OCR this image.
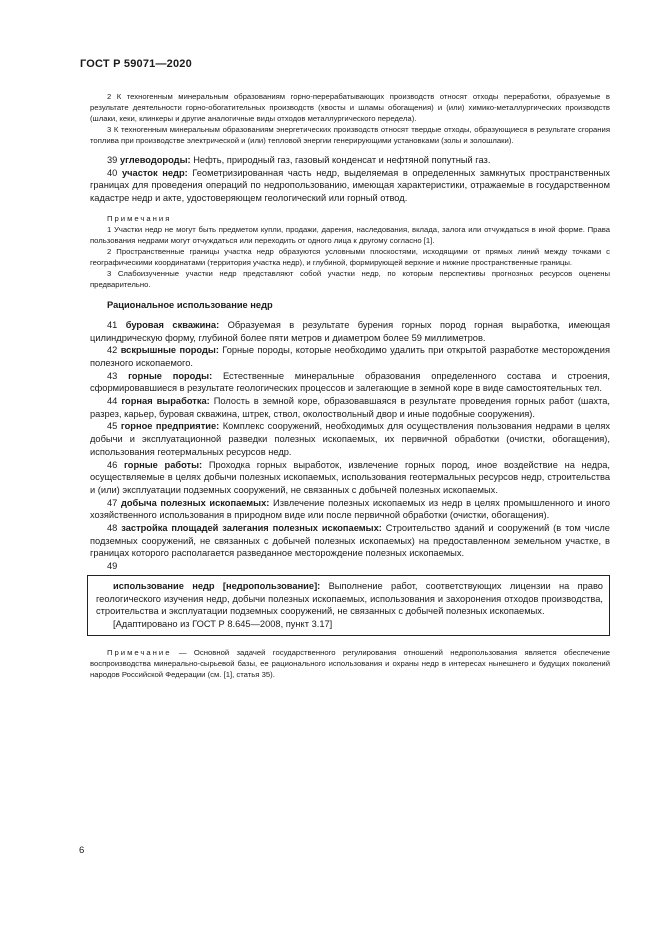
ГОСТ Р 59071—2020

2 К техногенным минеральным образованиям горно-перерабатывающих производств относят отходы переработки, образуемые в результате деятельности горно-обогатительных производств (хвосты и шламы обогащения) и (или) химико-металлургических производств (шлаки, кеки, клинкеры и другие аналогичные виды отходов металлургического передела).

3 К техногенным минеральным образованиям энергетических производств относят твердые отходы, образующиеся в результате сгорания топлива при производстве электрической и (или) тепловой энергии генерирующими установками (золы и золошлаки).

39 углеводороды: Нефть, природный газ, газовый конденсат и нефтяной попутный газ.

40 участок недр: Геометризированная часть недр, выделяемая в определенных замкнутых пространственных границах для проведения операций по недропользованию, имеющая характеристики, отражаемые в государственном кадастре недр и акте, удостоверяющем геологический или горный отвод.

Примечания

1 Участки недр не могут быть предметом купли, продажи, дарения, наследования, вклада, залога или отчуждаться в иной форме. Права пользования недрами могут отчуждаться или переходить от одного лица к другому согласно [1].

2 Пространственные границы участка недр образуются условными плоскостями, исходящими от прямых линий между точками с географическими координатами (территория участка недр), и глубиной, формирующей верхние и нижние пространственные границы.

3 Слабоизученные участки недр представляют собой участки недр, по которым перспективы прогнозных ресурсов оценены предварительно.

Рациональное использование недр

41 буровая скважина: Образуемая в результате бурения горных пород горная выработка, имеющая цилиндрическую форму, глубиной более пяти метров и диаметром более 59 миллиметров.

42 вскрышные породы: Горные породы, которые необходимо удалить при открытой разработке месторождения полезного ископаемого.

43 горные породы: Естественные минеральные образования определенного состава и строения, сформировавшиеся в результате геологических процессов и залегающие в земной коре в виде самостоятельных тел.

44 горная выработка: Полость в земной коре, образовавшаяся в результате проведения горных работ (шахта, разрез, карьер, буровая скважина, штрек, ствол, околоствольный двор и иные подобные сооружения).

45 горное предприятие: Комплекс сооружений, необходимых для осуществления пользования недрами в целях добычи и эксплуатационной разведки полезных ископаемых, их первичной обработки (очистки, обогащения), использования геотермальных ресурсов недр.

46 горные работы: Проходка горных выработок, извлечение горных пород, иное воздействие на недра, осуществляемые в целях добычи полезных ископаемых, использования геотермальных ресурсов недр, строительства и (или) эксплуатации подземных сооружений, не связанных с добычей полезных ископаемых.

47 добыча полезных ископаемых: Извлечение полезных ископаемых из недр в целях промышленного и иного хозяйственного использования в природном виде или после первичной обработки (очистки, обогащения).

48 застройка площадей залегания полезных ископаемых: Строительство зданий и сооружений (в том числе подземных сооружений, не связанных с добычей полезных ископаемых) на предоставленном земельном участке, в границах которого располагается разведанное месторождение полезных ископаемых.

49

использование недр [недропользование]: Выполнение работ, соответствующих лицензии на право геологического изучения недр, добычи полезных ископаемых, использования и захоронения отходов производства, строительства и эксплуатации подземных сооружений, не связанных с добычей полезных ископаемых.

[Адаптировано из ГОСТ Р 8.645—2008, пункт 3.17]

Примечание — Основной задачей государственного регулирования отношений недропользования является обеспечение воспроизводства минерально-сырьевой базы, ее рационального использования и охраны недр в интересах нынешнего и будущих поколений народов Российской Федерации (см. [1], статья 35).

6
